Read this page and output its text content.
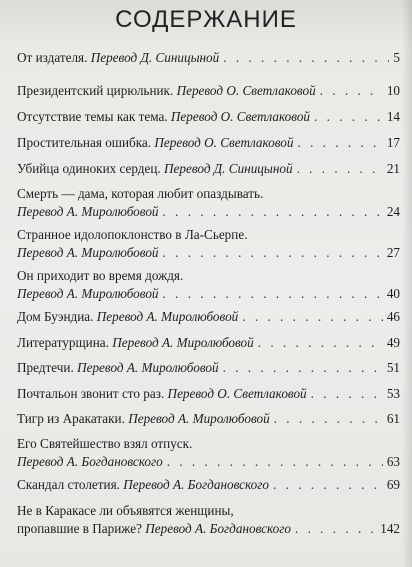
СОДЕРЖАНИЕ
От издателя.
Перевод Д. Синицыной . . .	5
Президентский цирюльник.
Перевод О. Светлаковой . . .	10
Отсутствие темы как тема.
Перевод О. Светлаковой . . .	14
Простительная ошибка.
Перевод О. Светлаковой . . .	17
Убийца одиноких сердец.
Перевод Д. Синицыной . . .	21
Смерть — дама, которая любит опаздывать.
Перевод А. Миролюбовой . . .	24
Странное идолопоклонство в Ла-Сьерпе.
Перевод А. Миролюбовой . . .	27
Он приходит во время дождя.
Перевод А. Миролюбовой . . .	40
Дом Буэндиа.
Перевод А. Миролюбовой . . .	46
Литературщина.
Перевод А. Миролюбовой . . .	49
Предтечи.
Перевод А. Миролюбовой . . .	51
Почтальон звонит сто раз.
Перевод О. Светлаковой . . .	53
Тигр из Аракатаки.
Перевод А. Миролюбовой . . .	61
Его Святейшество взял отпуск.
Перевод А. Богдановского . . .	63
Скандал столетия.
Перевод А. Богдановского . . .	69
Не в Каракасе ли объявятся женщины,
пропавшие в Париже?
Перевод А. Богдановского . . .	142
